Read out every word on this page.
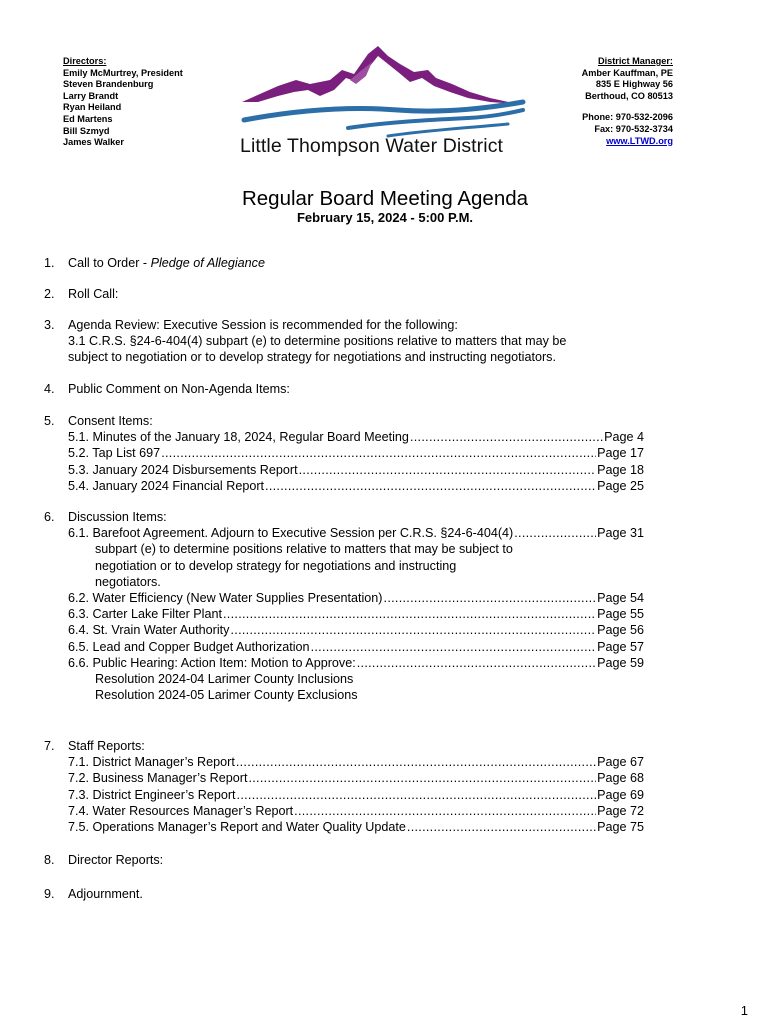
Directors:
Emily McMurtrey, President
Steven Brandenburg
Larry Brandt
Ryan Heiland
Ed Martens
Bill Szmyd
James Walker	Little Thompson Water District
District Manager:
Amber Kauffman, PE
835 E Highway 56
Berthoud, CO 80513
Phone: 970-532-2096
Fax: 970-532-3734
www.LTWD.org
Regular Board Meeting Agenda
February 15, 2024 - 5:00 P.M.
1. Call to Order - Pledge of Allegiance
2. Roll Call:
3. Agenda Review: Executive Session is recommended for the following:
3.1 C.R.S. §24-6-404(4) subpart (e) to determine positions relative to matters that may be
subject to negotiation or to develop strategy for negotiations and instructing negotiators.
4. Public Comment on Non-Agenda Items:
5. Consent Items:
5.1. Minutes of the January 18, 2024, Regular Board Meeting .....	Page 4
5.2. Tap List 697 .....	Page 17
5.3. January 2024 Disbursements Report .....	Page 18
5.4. January 2024 Financial Report .....	Page 25
6. Discussion Items:
6.1. Barefoot Agreement. Adjourn to Executive Session per C.R.S. §24-6-404(4) .....	Page 31
subpart (e) to determine positions relative to matters that may be subject to
negotiation or to develop strategy for negotiations and instructing
negotiators.
6.2. Water Efficiency (New Water Supplies Presentation) .....	Page 54
6.3. Carter Lake Filter Plant .....	Page 55
6.4. St. Vrain Water Authority .....	Page 56
6.5. Lead and Copper Budget Authorization .....	Page 57
6.6. Public Hearing: Action Item: Motion to Approve: .....	Page 59
Resolution 2024-04 Larimer County Inclusions
Resolution 2024-05 Larimer County Exclusions
7. Staff Reports:
7.1. District Manager’s Report .....	Page 67
7.2. Business Manager’s Report .....	Page 68
7.3. District Engineer’s Report .....	Page 69
7.4. Water Resources Manager’s Report .....	Page 72
7.5. Operations Manager’s Report and Water Quality Update .....	Page 75
8. Director Reports:
9. Adjournment.
1
